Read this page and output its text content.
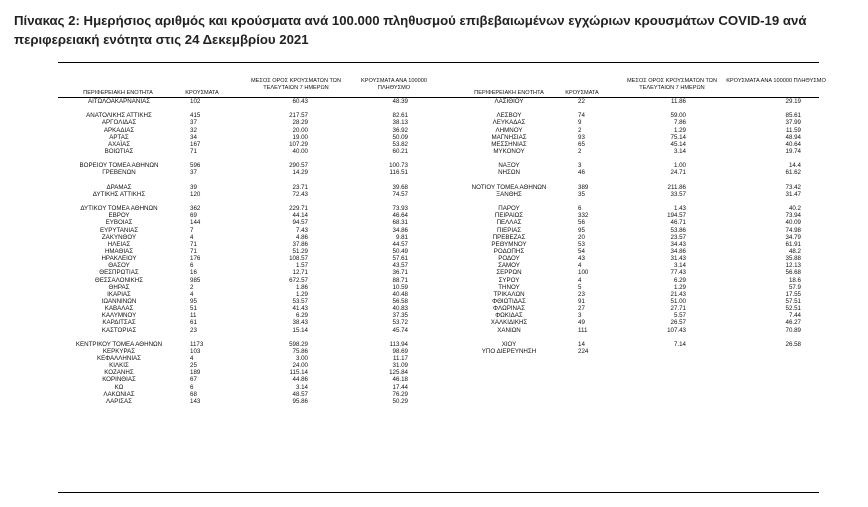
Πίνακας 2: Ημερήσιος αριθμός και κρούσματα ανά 100.000 πληθυσμού επιβεβαιωμένων εγχώριων κρουσμάτων COVID-19 ανά περιφερειακή ενότητα στις 24 Δεκεμβρίου 2021
ΠΕΡΙΦΕΡΕΙΑΚΗ ΕΝΟΤΗΤΑ	ΚΡΟΥΣΜΑΤΑ
ΜΕΣΟΣ ΟΡΟΣ ΚΡΟΥΣΜΑΤΩΝ ΤΩΝ ΤΕΛΕΥΤΑΙΩΝ 7 ΗΜΕΡΩΝ
ΚΡΟΥΣΜΑΤΑ ΑΝΑ 100000 ΠΛΗΘΥΣΜΟ
ΠΕΡΙΦΕΡΕΙΑΚΗ ΕΝΟΤΗΤΑ	ΚΡΟΥΣΜΑΤΑ
ΜΕΣΟΣ ΟΡΟΣ ΚΡΟΥΣΜΑΤΩΝ ΤΩΝ ΤΕΛΕΥΤΑΙΩΝ 7 ΗΜΕΡΩΝ
ΚΡΟΥΣΜΑΤΑ ΑΝΑ 100000 ΠΛΗΘΥΣΜΟ
ΑΙΤΩΛΟΑΚΑΡΝΑΝΙΑΣ
ΑΝΑΤΟΛΙΚΗΣ ΑΤΤΙΚΗΣ
ΑΡΓΟΛΙΔΑΣ
ΑΡΚΑΔΙΑΣ
ΑΡΤΑΣ
ΑΧΑΪΑΣ
ΒΟΙΩΤΙΑΣ
ΒΟΡΕΙΟΥ ΤΟΜΕΑ ΑΘΗΝΩΝ
ΓΡΕΒΕΝΩΝ
ΔΡΑΜΑΣ
ΔΥΤΙΚΗΣ ΑΤΤΙΚΗΣ
ΔΥΤΙΚΟΥ ΤΟΜΕΑ ΑΘΗΝΩΝ
ΕΒΡΟΥ
ΕΥΒΟΙΑΣ
ΕΥΡΥΤΑΝΙΑΣ
ΖΑΚΥΝΘΟΥ
ΗΛΕΙΑΣ
ΗΜΑΘΙΑΣ
ΗΡΑΚΛΕΙΟΥ
ΘΑΣΟΥ
ΘΕΣΠΡΩΤΙΑΣ
ΘΕΣΣΑΛΟΝΙΚΗΣ
ΘΗΡΑΣ
ΙΚΑΡΙΑΣ
ΙΩΑΝΝΙΝΩΝ
ΚΑΒΑΛΑΣ
ΚΑΛΥΜΝΟΥ
ΚΑΡΔΙΤΣΑΣ
ΚΑΣΤΟΡΙΑΣ
ΚΕΝΤΡΙΚΟΥ ΤΟΜΕΑ ΑΘΗΝΩΝ
ΚΕΡΚΥΡΑΣ
ΚΕΦΑΛΛΗΝΙΑΣ
ΚΙΛΚΙΣ
ΚΟΖΑΝΗΣ
ΚΟΡΙΝΘΙΑΣ
ΚΩ
ΛΑΚΩΝΙΑΣ
ΛΑΡΙΣΑΣ
102
415
37
32
34
167
71
596
37
39
120
362
69
144
7
4
71
71
176
6
16
985
2
4
95
51
11
61
23
1173
103
4
25
189
67
6
68
143
60.43
217.57
28.29
20.00
19.00
107.29
40.00
290.57
14.29
23.71
72.43
229.71
44.14
94.57
7.43
4.86
37.86
51.29
108.57
1.57
12.71
672.57
1.86
1.29
53.57
41.43
6.29
38.43
15.14
598.29
75.86
3.00
24.00
115.14
44.86
3.14
48.57
95.86
48.39
82.61
38.13
36.92
50.09
53.82
60.21
100.73
116.51
39.68
74.57
73.93
46.64
68.31
34.86
9.81
44.57
50.49
57.61
43.57
36.71
88.71
10.59
40.48
56.58
40.83
37.35
53.72
45.74
113.94
98.69
11.17
31.09
125.84
46.18
17.44
76.29
50.29
ΛΑΣΙΘΙΟΥ
ΛΕΣΒΟΥ
ΛΕΥΚΑΔΑΣ
ΛΗΜΝΟΥ
ΜΑΓΝΗΣΙΑΣ
ΜΕΣΣΗΝΙΑΣ
ΜΥΚΟΝΟΥ
ΝΑΞΟΥ
ΝΗΣΩΝ
ΝΟΤΙΟΥ ΤΟΜΕΑ ΑΘΗΝΩΝ
ΞΑΝΘΗΣ
ΠΑΡΟΥ
ΠΕΙΡΑΙΩΣ
ΠΕΛΛΑΣ
ΠΙΕΡΙΑΣ
ΠΡΕΒΕΖΑΣ
ΡΕΘΥΜΝΟΥ
ΡΟΔΟΠΗΣ
ΡΟΔΟΥ
ΣΑΜΟΥ
ΣΕΡΡΩΝ
ΣΥΡΟΥ
ΤΗΝΟΥ
ΤΡΙΚΑΛΩΝ
ΦΘΙΩΤΙΔΑΣ
ΦΛΩΡΙΝΑΣ
ΦΩΚΙΔΑΣ
ΧΑΛΚΙΔΙΚΗΣ
ΧΑΝΙΩΝ
ΧΙΟΥ
ΥΠΟ ΔΙΕΡΕΥΝΗΣΗ
22
74
9
2
93
65
2
3
46
389
35
6
332
56
95
20
53
54
43
4
100
4
5
23
91
27
3
49
111
14
224
11.86
59.00
7.86
1.29
75.14
45.14
3.14
1.00
24.71
211.86
33.57
1.43
194.57
46.71
53.86
23.57
34.43
34.86
31.43
3.14
77.43
6.29
1.29
21.43
51.00
27.71
5.57
26.57
107.43
7.14
29.19
85.61
37.99
11.59
48.94
40.64
19.74
14.4
61.62
73.42
31.47
40.2
73.94
40.09
74.98
34.79
61.91
48.2
35.88
12.13
56.68
18.6
57.9
17.55
57.51
52.51
7.44
46.27
70.89
26.58
